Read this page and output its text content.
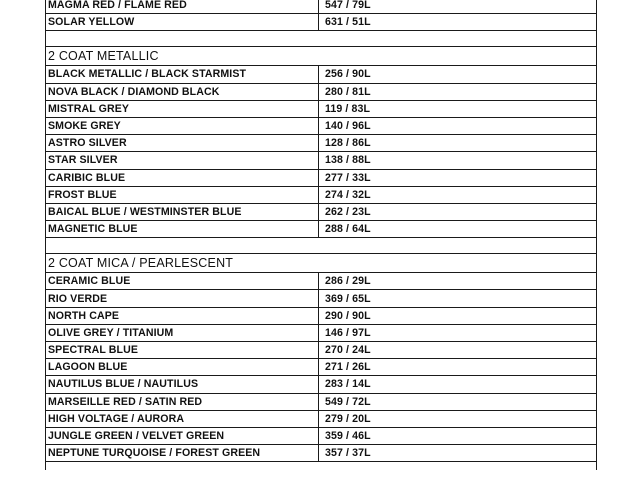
MAGMA RED / FLAME RED	547 / 79L
SOLAR YELLOW	631 / 51L
2 COAT METALLIC
BLACK METALLIC / BLACK STARMIST	256 / 90L
NOVA BLACK / DIAMOND BLACK	280 / 81L
MISTRAL GREY	119 / 83L
SMOKE GREY	140 / 96L
ASTRO SILVER	128 / 86L
STAR SILVER	138 / 88L
CARIBIC BLUE	277 / 33L
FROST BLUE	274 / 32L
BAICAL BLUE / WESTMINSTER BLUE	262 / 23L
MAGNETIC BLUE	288 / 64L
2 COAT MICA / PEARLESCENT
CERAMIC BLUE	286 / 29L
RIO VERDE	369 / 65L
NORTH CAPE	290 / 90L
OLIVE GREY / TITANIUM	146 / 97L
SPECTRAL BLUE	270 / 24L
LAGOON BLUE	271 / 26L
NAUTILUS BLUE / NAUTILUS	283 / 14L
MARSEILLE RED / SATIN RED	549 / 72L
HIGH VOLTAGE / AURORA	279 / 20L
JUNGLE GREEN / VELVET GREEN	359 / 46L
NEPTUNE TURQUOISE / FOREST GREEN	357 / 37L
